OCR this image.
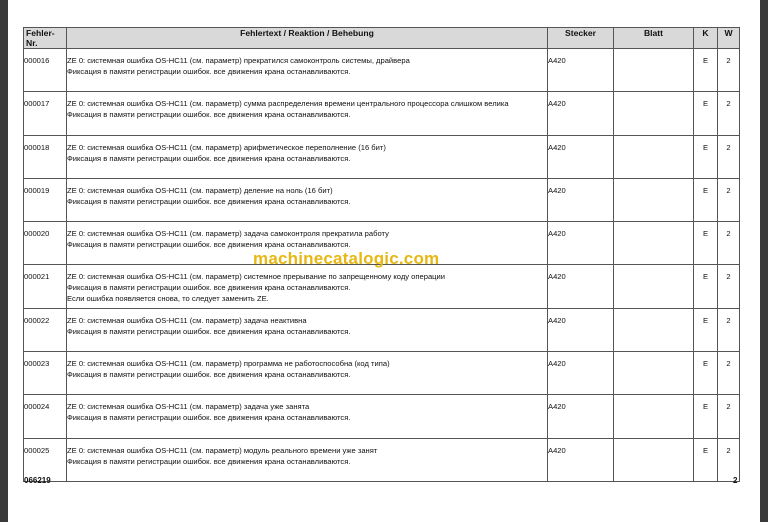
Fehler-Nr.	Fehlertext / Reaktion / Behebung	Stecker	Blatt	K	W
000016	ZE 0: системная ошибка OS-HC11 (см. параметр) прекратился самоконтроль системы, драйвера
Фиксация в памяти регистрации ошибок. все движения крана останавливаются.	A420		E	2
000017	ZE 0: системная ошибка OS-HC11 (см. параметр) сумма распределения времени центрального процессора слишком велика
Фиксация в памяти регистрации ошибок. все движения крана останавливаются.	A420		E	2
000018	ZE 0: системная ошибка OS-HC11 (см. параметр) арифметическое переполнение (16 бит)
Фиксация в памяти регистрации ошибок. все движения крана останавливаются.	A420		E	2
000019	ZE 0: системная ошибка OS-HC11 (см. параметр) деление на ноль (16 бит)
Фиксация в памяти регистрации ошибок. все движения крана останавливаются.	A420		E	2
000020	ZE 0: системная ошибка OS-HC11 (см. параметр) задача самоконтроля прекратила работу
Фиксация в памяти регистрации ошибок. все движения крана останавливаются.	A420		E	2
000021	ZE 0: системная ошибка OS-HC11 (см. параметр) системное прерывание по запрещенному коду операции
Фиксация в памяти регистрации ошибок. все движения крана останавливаются.
Если ошибка появляется снова, то следует заменить ZE.	A420		E	2
000022	ZE 0: системная ошибка OS-HC11 (см. параметр) задача неактивна
Фиксация в памяти регистрации ошибок. все движения крана останавливаются.	A420		E	2
000023	ZE 0: системная ошибка OS-HC11 (см. параметр) программа не работоспособна (код типа)
Фиксация в памяти регистрации ошибок. все движения крана останавливаются.	A420		E	2
000024	ZE 0: системная ошибка OS-HC11 (см. параметр) задача уже занята
Фиксация в памяти регистрации ошибок. все движения крана останавливаются.	A420		E	2
000025	ZE 0: системная ошибка OS-HC11 (см. параметр) модуль реального времени уже занят
Фиксация в памяти регистрации ошибок. все движения крана останавливаются.	A420		E	2
machinecatalogic.com
066219	2
